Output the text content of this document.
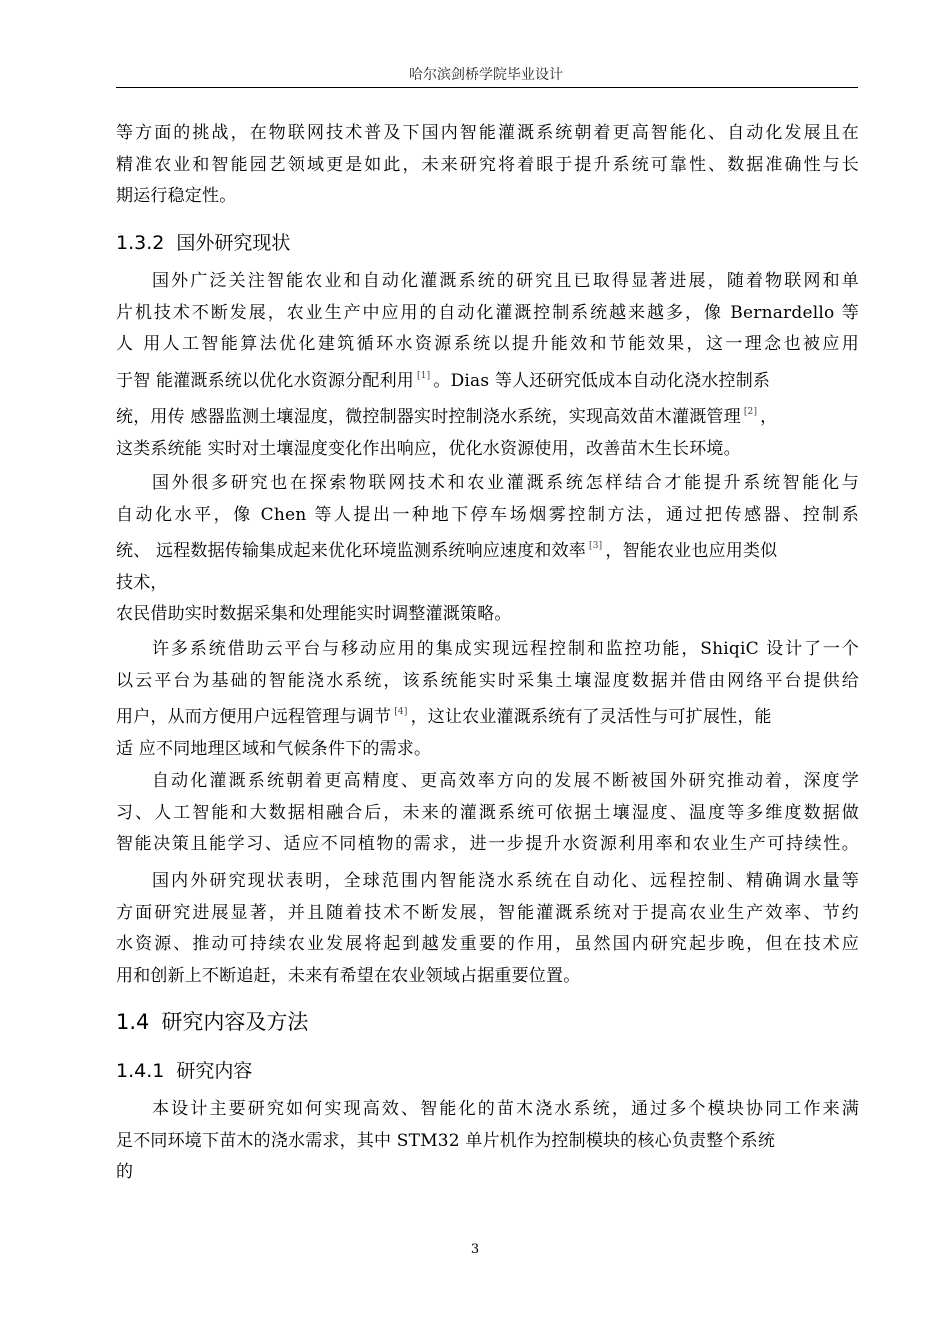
哈尔滨剑桥学院毕业设计

等方面的挑战，在物联网技术普及下国内智能灌溉系统朝着更高智能化、自动化发展且在
精准农业和智能园艺领域更是如此，未来研究将着眼于提升系统可靠性、数据准确性与长
期运行稳定性。

1.3.2 国外研究现状

国外广泛关注智能农业和自动化灌溉系统的研究且已取得显著进展，随着物联网和单
片机技术不断发展，农业生产中应用的自动化灌溉控制系统越来越多，像 Bernardello 等
人 用人工智能算法优化建筑循环水资源系统以提升能效和节能效果，这一理念也被应用
于智 能灌溉系统以优化水资源分配利用 [1] 。Dias 等人还研究低成本自动化浇水控制系
统，用传 感器监测土壤湿度，微控制器实时控制浇水系统，实现高效苗木灌溉管理 [2] ，
这类系统能 实时对土壤湿度变化作出响应，优化水资源使用，改善苗木生长环境。

国外很多研究也在探索物联网技术和农业灌溉系统怎样结合才能提升系统智能化与
自动化水平，像 Chen 等人提出一种地下停车场烟雾控制方法，通过把传感器、控制系
统、 远程数据传输集成起来优化环境监测系统响应速度和效率 [3] ，智能农业也应用类似
技术，
农民借助实时数据采集和处理能实时调整灌溉策略。

许多系统借助云平台与移动应用的集成实现远程控制和监控功能，ShiqiC 设计了一个
以云平台为基础的智能浇水系统，该系统能实时采集土壤湿度数据并借由网络平台提供给
用户，从而方便用户远程管理与调节 [4] ，这让农业灌溉系统有了灵活性与可扩展性，能
适 应不同地理区域和气候条件下的需求。

自动化灌溉系统朝着更高精度、更高效率方向的发展不断被国外研究推动着，深度学
习、人工智能和大数据相融合后，未来的灌溉系统可依据土壤湿度、温度等多维度数据做
智能决策且能学习、适应不同植物的需求，进一步提升水资源利用率和农业生产可持续性。

国内外研究现状表明，全球范围内智能浇水系统在自动化、远程控制、精确调水量等
方面研究进展显著，并且随着技术不断发展，智能灌溉系统对于提高农业生产效率、节约
水资源、推动可持续农业发展将起到越发重要的作用，虽然国内研究起步晚，但在技术应
用和创新上不断追赶，未来有希望在农业领域占据重要位置。

1.4 研究内容及方法
1.4.1 研究内容

本设计主要研究如何实现高效、智能化的苗木浇水系统，通过多个模块协同工作来满
足不同环境下苗木的浇水需求，其中 STM32 单片机作为控制模块的核心负责整个系统
的

3
